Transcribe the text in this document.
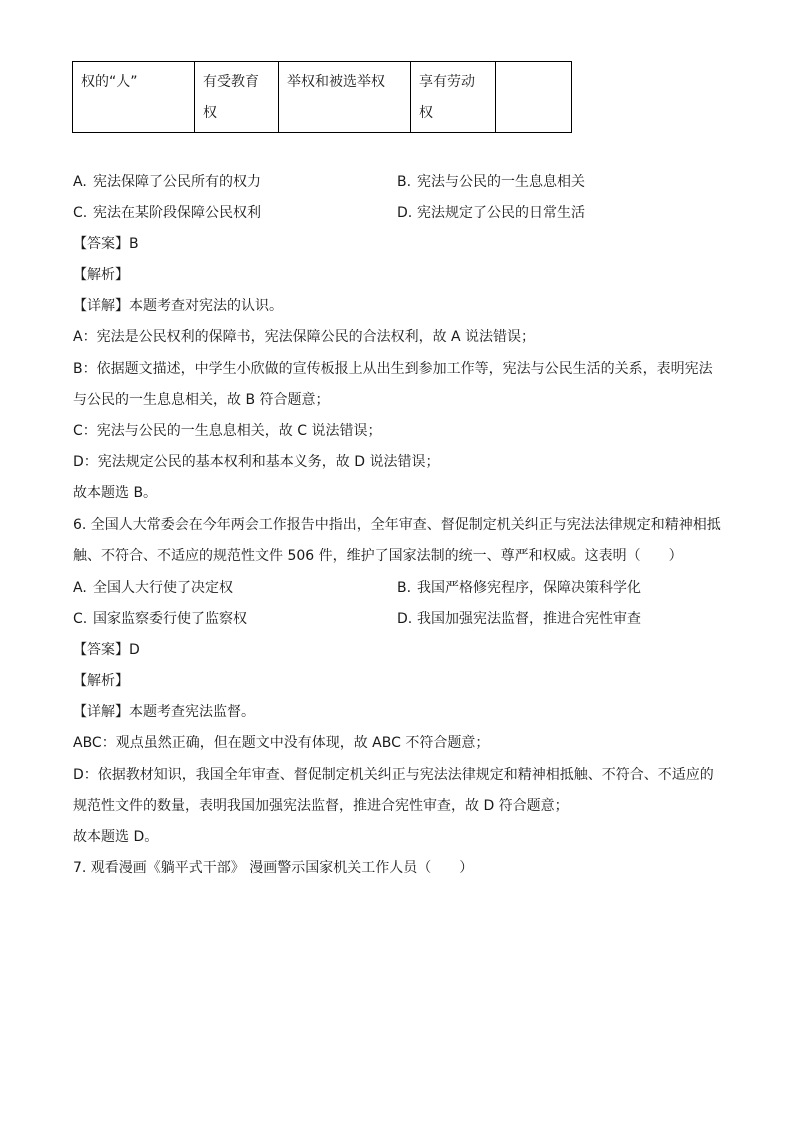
权的“人”	有受教育权	举权和被选举权	享有劳动权	
A. 宪法保障了公民所有的权力	B. 宪法与公民的一生息息相关
C. 宪法在某阶段保障公民权利	D. 宪法规定了公民的日常生活
【答案】B
【解析】
【详解】本题考查对宪法的认识。
A：宪法是公民权利的保障书，宪法保障公民的合法权利，故 A 说法错误；
B：依据题文描述，中学生小欣做的宣传板报上从出生到参加工作等，宪法与公民生活的关系，表明宪法与公民的一生息息相关，故 B 符合题意；
C：宪法与公民的一生息息相关，故 C 说法错误；
D：宪法规定公民的基本权利和基本义务，故 D 说法错误；
故本题选 B。
6. 全国人大常委会在今年两会工作报告中指出，全年审查、督促制定机关纠正与宪法法律规定和精神相抵触、不符合、不适应的规范性文件 506 件，维护了国家法制的统一、尊严和权威。这表明（　　）
A. 全国人大行使了决定权	B. 我国严格修宪程序，保障决策科学化
C. 国家监察委行使了监察权	D. 我国加强宪法监督，推进合宪性审查
【答案】D
【解析】
【详解】本题考查宪法监督。
ABC：观点虽然正确，但在题文中没有体现，故 ABC 不符合题意；
D：依据教材知识，我国全年审查、督促制定机关纠正与宪法法律规定和精神相抵触、不符合、不适应的规范性文件的数量，表明我国加强宪法监督，推进合宪性审查，故 D 符合题意；
故本题选 D。
7. 观看漫画《躺平式干部》 漫画警示国家机关工作人员（　　）
